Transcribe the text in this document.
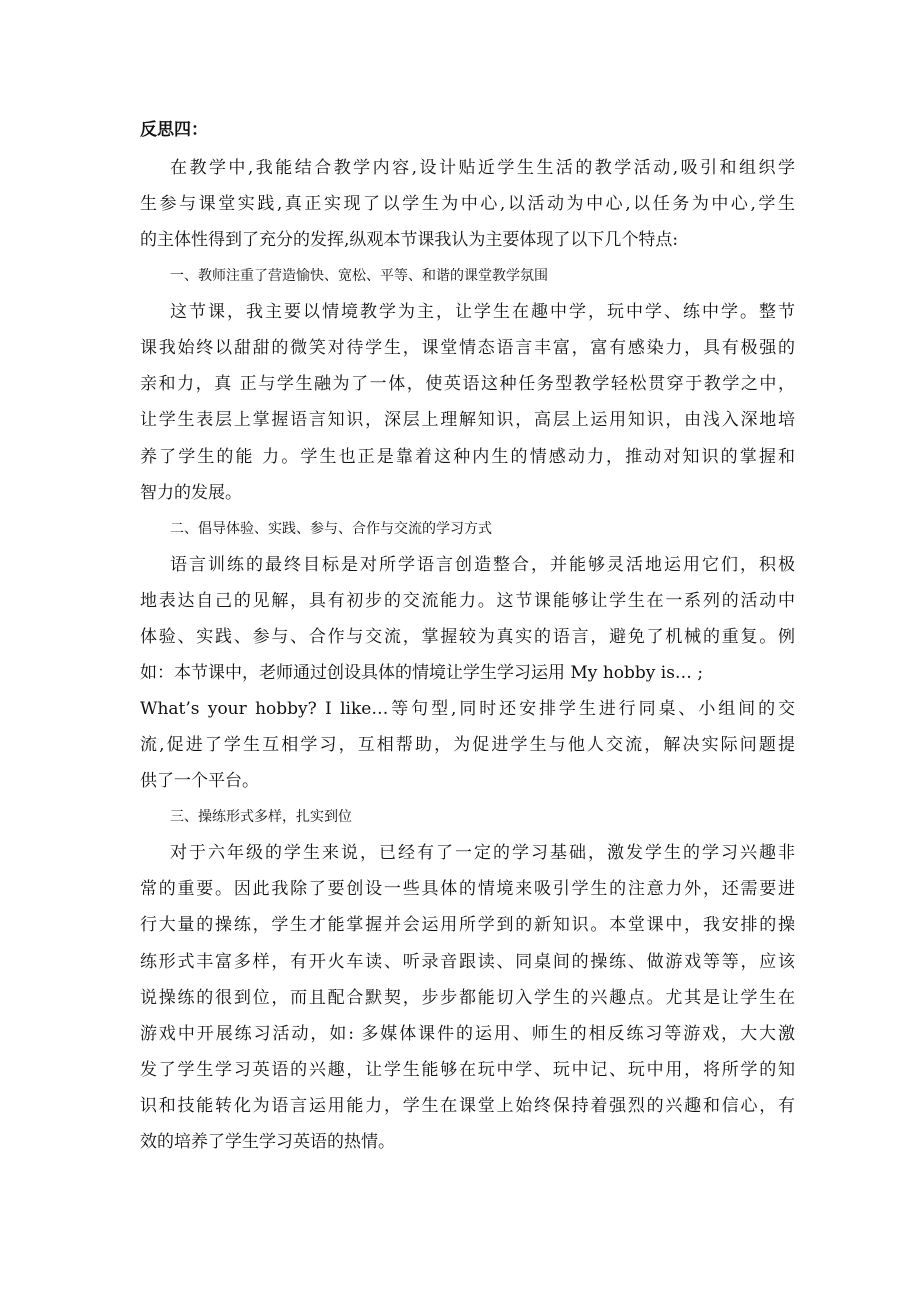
反思四：
在教学中,我能结合教学内容,设计贴近学生生活的教学活动,吸引和组织学
生参与课堂实践,真正实现了以学生为中心,以活动为中心,以任务为中心,学生
的主体性得到了充分的发挥,纵观本节课我认为主要体现了以下几个特点:
一、教师注重了营造愉快、宽松、平等、和谐的课堂教学氛围
这节课，我主要以情境教学为主，让学生在趣中学，玩中学、练中学。整节
课我始终以甜甜的微笑对待学生，课堂情态语言丰富，富有感染力，具有极强的
亲和力，真 正与学生融为了一体，使英语这种任务型教学轻松贯穿于教学之中，
让学生表层上掌握语言知识，深层上理解知识，高层上运用知识，由浅入深地培
养了学生的能 力。学生也正是靠着这种内生的情感动力，推动对知识的掌握和
智力的发展。
二、倡导体验、实践、参与、合作与交流的学习方式
语言训练的最终目标是对所学语言创造整合，并能够灵活地运用它们，积极
地表达自己的见解，具有初步的交流能力。这节课能够让学生在一系列的活动中
体验、实践、参与、合作与交流，掌握较为真实的语言，避免了机械的重复。例
如：本节课中，老师通过创设具体的情境让学生学习运用 My hobby is… ;
What’s your hobby? I like…等句型,同时还安排学生进行同桌、小组间的交
流,促进了学生互相学习，互相帮助，为促进学生与他人交流，解决实际问题提
供了一个平台。
三、操练形式多样，扎实到位
对于六年级的学生来说，已经有了一定的学习基础，激发学生的学习兴趣非
常的重要。因此我除了要创设一些具体的情境来吸引学生的注意力外，还需要进
行大量的操练，学生才能掌握并会运用所学到的新知识。本堂课中，我安排的操
练形式丰富多样，有开火车读、听录音跟读、同桌间的操练、做游戏等等，应该
说操练的很到位，而且配合默契，步步都能切入学生的兴趣点。尤其是让学生在
游戏中开展练习活动，如: 多媒体课件的运用、师生的相反练习等游戏，大大激
发了学生学习英语的兴趣，让学生能够在玩中学、玩中记、玩中用，将所学的知
识和技能转化为语言运用能力，学生在课堂上始终保持着强烈的兴趣和信心，有
效的培养了学生学习英语的热情。
